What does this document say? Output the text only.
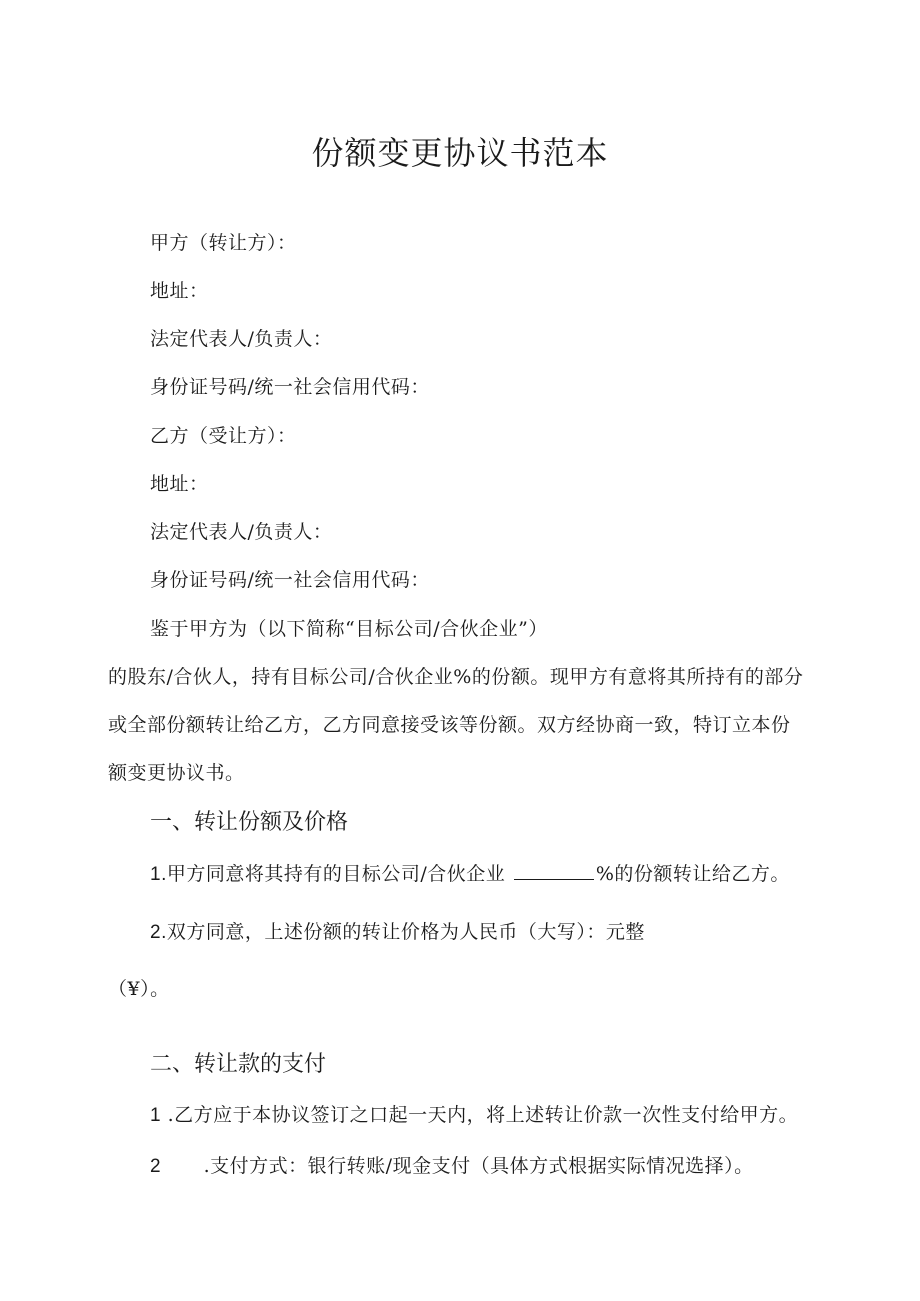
份额变更协议书范本
甲方（转让方）：
地址：
法定代表人/负责人：
身份证号码/统一社会信用代码：
乙方（受让方）：
地址：
法定代表人/负责人：
身份证号码/统一社会信用代码：
鉴于甲方为（以下简称“目标公司/合伙企业”）
的股东/合伙人，持有目标公司/合伙企业%的份额。现甲方有意将其所持有的部分
或全部份额转让给乙方，乙方同意接受该等份额。双方经协商一致，特订立本份
额变更协议书。
一、转让份额及价格
1.甲方同意将其持有的目标公司/合伙企业	%的份额转让给乙方。
2.双方同意，上述份额的转让价格为人民币（大写）：元整
（¥）。
二、转让款的支付
1 .乙方应于本协议签订之口起一天内，将上述转让价款一次性支付给甲方。
2 .支付方式：银行转账/现金支付（具体方式根据实际情况选择）。
